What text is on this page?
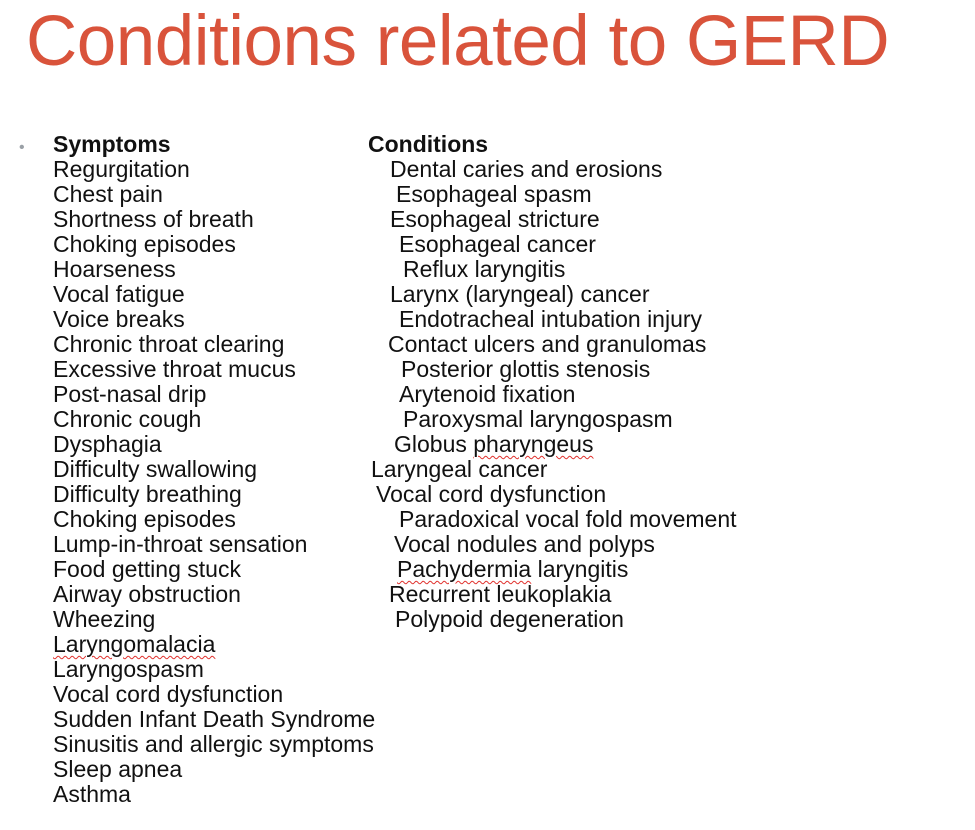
Conditions related to GERD
• Symptoms
Regurgitation
Chest pain
Shortness of breath
Choking episodes
Hoarseness
Vocal fatigue
Voice breaks
Chronic throat clearing
Excessive throat mucus
Post-nasal drip
Chronic cough
Dysphagia
Difficulty swallowing
Difficulty breathing
Choking episodes
Lump-in-throat sensation
Food getting stuck
Airway obstruction
Wheezing
Laryngomalacia
Laryngospasm
Vocal cord dysfunction
Sudden Infant Death Syndrome
Sinusitis and allergic symptoms
Sleep apnea
Asthma
Conditions
Dental caries and erosions
Esophageal spasm
Esophageal stricture
Esophageal cancer
Reflux laryngitis
Larynx (laryngeal) cancer
Endotracheal intubation injury
Contact ulcers and granulomas
Posterior glottis stenosis
Arytenoid fixation
Paroxysmal laryngospasm
Globus pharyngeus
Laryngeal cancer
Vocal cord dysfunction
Paradoxical vocal fold movement
Vocal nodules and polyps
Pachydermia laryngitis
Recurrent leukoplakia
Polypoid degeneration
